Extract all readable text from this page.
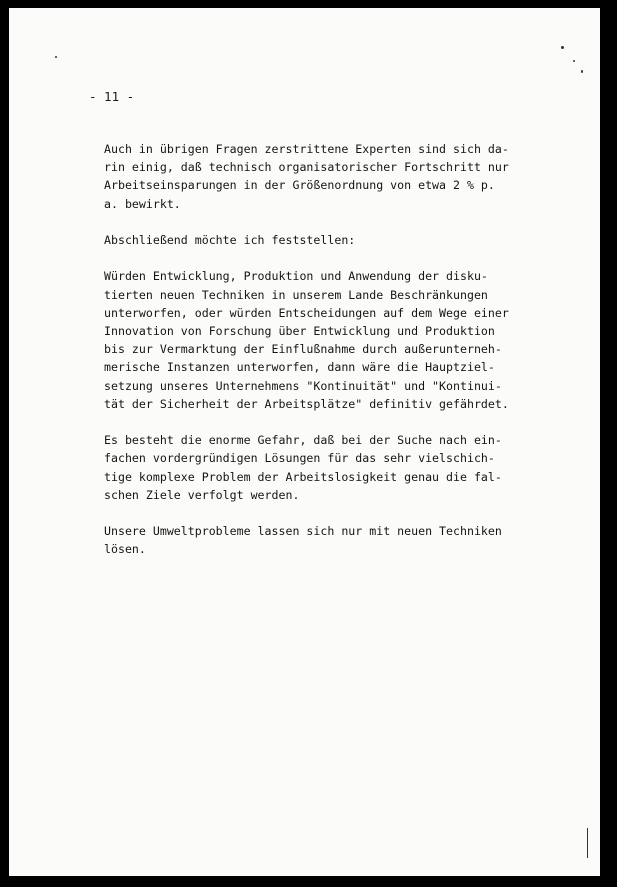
- 11 -

Auch in übrigen Fragen zerstrittene Experten sind sich da-
rin einig, daß technisch organisatorischer Fortschritt nur
Arbeitseinsparungen in der Größenordnung von etwa 2 % p.
a. bewirkt.

Abschließend möchte ich feststellen:

Würden Entwicklung, Produktion und Anwendung der disku-
tierten neuen Techniken in unserem Lande Beschränkungen
unterworfen, oder würden Entscheidungen auf dem Wege einer
Innovation von Forschung über Entwicklung und Produktion
bis zur Vermarktung der Einflußnahme durch außerunterneh-
merische Instanzen unterworfen, dann wäre die Hauptziel-
setzung unseres Unternehmens "Kontinuität" und "Kontinui-
tät der Sicherheit der Arbeitsplätze" definitiv gefährdet.

Es besteht die enorme Gefahr, daß bei der Suche nach ein-
fachen vordergründigen Lösungen für das sehr vielschich-
tige komplexe Problem der Arbeitslosigkeit genau die fal-
schen Ziele verfolgt werden.

Unsere Umweltprobleme lassen sich nur mit neuen Techniken
lösen.
